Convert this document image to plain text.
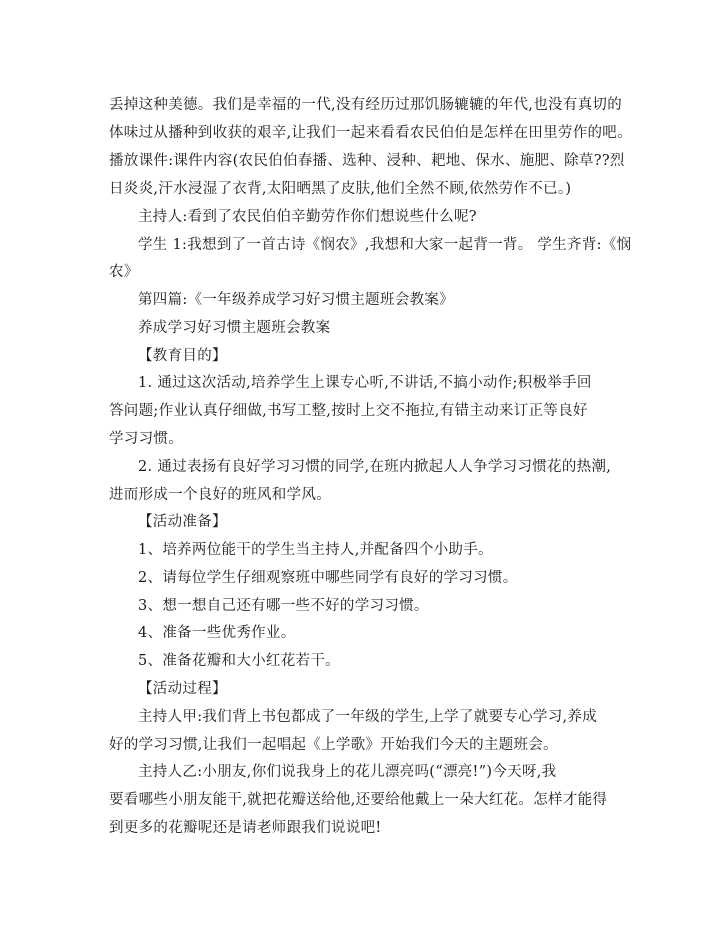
丢掉这种美德。我们是幸福的一代,没有经历过那饥肠辘辘的年代,也没有真切的
体味过从播种到收获的艰辛,让我们一起来看看农民伯伯是怎样在田里劳作的吧。
播放课件:课件内容(农民伯伯春播、选种、浸种、耙地、保水、施肥、除草??烈
日炎炎,汗水浸湿了衣背,太阳晒黑了皮肤,他们全然不顾,依然劳作不已。)
主持人:看到了农民伯伯辛勤劳作你们想说些什么呢?
学生 1:我想到了一首古诗《悯农》,我想和大家一起背一背。 学生齐背:《悯
农》
第四篇:《一年级养成学习好习惯主题班会教案》
养成学习好习惯主题班会教案
【教育目的】
1. 通过这次活动,培养学生上课专心听,不讲话,不搞小动作;积极举手回
答问题;作业认真仔细做,书写工整,按时上交不拖拉,有错主动来订正等良好
学习习惯。
2. 通过表扬有良好学习习惯的同学,在班内掀起人人争学习习惯花的热潮,
进而形成一个良好的班风和学风。
【活动准备】
1、培养两位能干的学生当主持人,并配备四个小助手。
2、请每位学生仔细观察班中哪些同学有良好的学习习惯。
3、想一想自己还有哪一些不好的学习习惯。
4、准备一些优秀作业。
5、准备花瓣和大小红花若干。
【活动过程】
主持人甲:我们背上书包都成了一年级的学生,上学了就要专心学习,养成
好的学习习惯,让我们一起唱起《上学歌》开始我们今天的主题班会。
主持人乙:小朋友,你们说我身上的花儿漂亮吗(“漂亮!”)今天呀,我
要看哪些小朋友能干,就把花瓣送给他,还要给他戴上一朵大红花。怎样才能得
到更多的花瓣呢还是请老师跟我们说说吧!
